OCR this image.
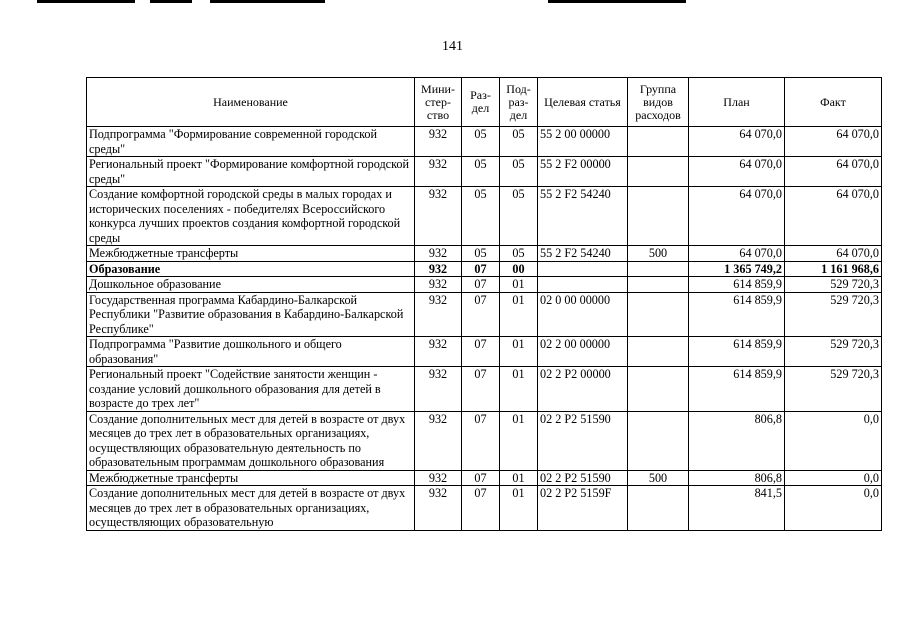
141
Наименование	Мини-стер-ство	Раз-дел	Под-раз-дел	Целевая статья	Группа видов расходов	План	Факт
Подпрограмма "Формирование современной городской среды"	932	05	05	55 2 00 00000		64 070,0	64 070,0
Региональный проект "Формирование комфортной городской среды"	932	05	05	55 2 F2 00000		64 070,0	64 070,0
Создание комфортной городской среды в малых городах и исторических поселениях - победителях Всероссийского конкурса лучших проектов создания комфортной городской среды	932	05	05	55 2 F2 54240		64 070,0	64 070,0
Межбюджетные трансферты	932	05	05	55 2 F2 54240	500	64 070,0	64 070,0
Образование	932	07	00			1 365 749,2	1 161 968,6
Дошкольное образование	932	07	01			614 859,9	529 720,3
Государственная программа Кабардино-Балкарской Республики "Развитие образования в Кабардино-Балкарской Республике"	932	07	01	02 0 00 00000		614 859,9	529 720,3
Подпрограмма "Развитие дошкольного и общего образования"	932	07	01	02 2 00 00000		614 859,9	529 720,3
Региональный проект "Содействие занятости женщин - создание условий дошкольного образования для детей в возрасте до трех лет"	932	07	01	02 2 P2 00000		614 859,9	529 720,3
Создание дополнительных мест для детей в возрасте от двух месяцев до трех лет в образовательных организациях, осуществляющих образовательную деятельность по образовательным программам дошкольного образования	932	07	01	02 2 P2 51590		806,8	0,0
Межбюджетные трансферты	932	07	01	02 2 P2 51590	500	806,8	0,0
Создание дополнительных мест для детей в возрасте от двух месяцев до трех лет в образовательных организациях, осуществляющих образовательную	932	07	01	02 2 P2 5159F		841,5	0,0
